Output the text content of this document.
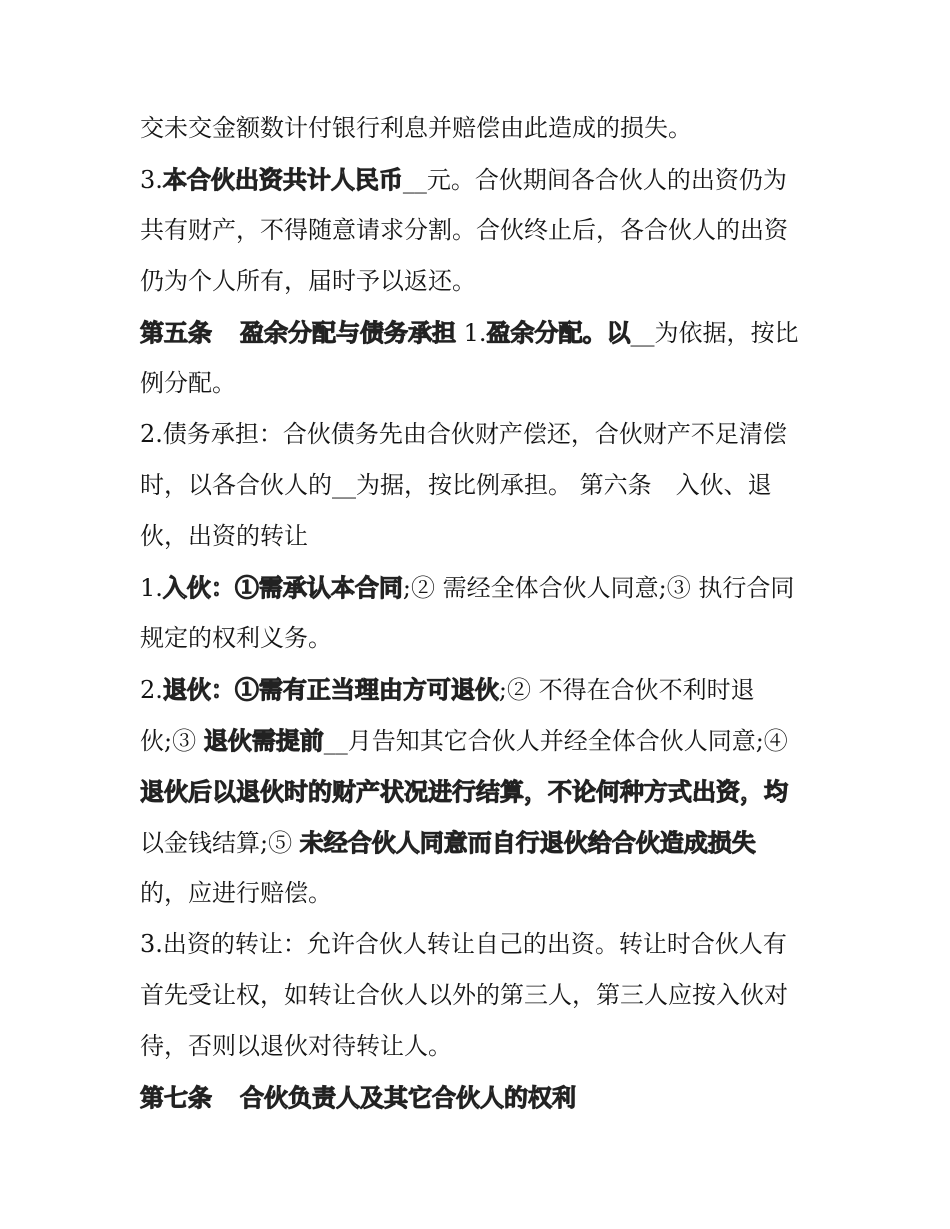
交未交金额数计付银行利息并赔偿由此造成的损失。
3.本合伙出资共计人民币__元。合伙期间各合伙人的出资仍为
共有财产，不得随意请求分割。合伙终止后，各合伙人的出资
仍为个人所有，届时予以返还。
第五条 盈余分配与债务承担 1.盈余分配。以__为依据，按比
例分配。
2.债务承担：合伙债务先由合伙财产偿还，合伙财产不足清偿
时，以各合伙人的__为据，按比例承担。 第六条　入伙、退
伙，出资的转让
1.入伙：①需承认本合同;② 需经全体合伙人同意;③ 执行合同
规定的权利义务。
2.退伙：①需有正当理由方可退伙;② 不得在合伙不利时退
伙;③ 退伙需提前__月告知其它合伙人并经全体合伙人同意;④
退伙后以退伙时的财产状况进行结算，不论何种方式出资，均
以金钱结算;⑤ 未经合伙人同意而自行退伙给合伙造成损失
的，应进行赔偿。
3.出资的转让：允许合伙人转让自己的出资。转让时合伙人有
首先受让权，如转让合伙人以外的第三人，第三人应按入伙对
待，否则以退伙对待转让人。
第七条 合伙负责人及其它合伙人的权利
